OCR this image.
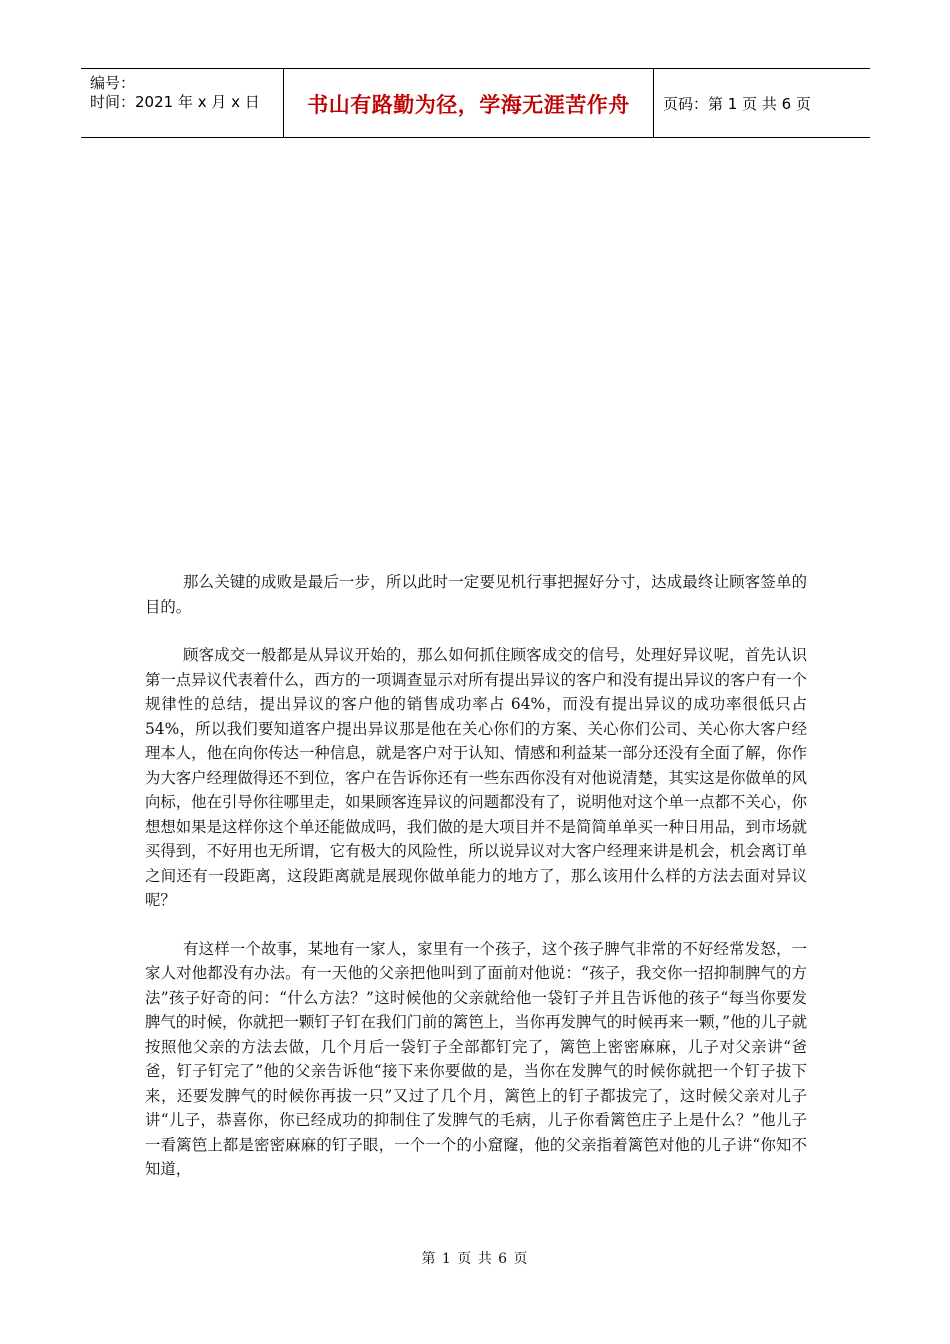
编号：
时间：2021 年 x 月 x 日	书山有路勤为径，学海无涯苦作舟	页码：第 1 页 共 6 页

那么关键的成败是最后一步，所以此时一定要见机行事把握好分寸，达成最终让顾客签单的目的。

顾客成交一般都是从异议开始的，那么如何抓住顾客成交的信号，处理好异议呢，首先认识第一点异议代表着什么，西方的一项调查显示对所有提出异议的客户和没有提出异议的客户有一个规律性的总结，提出异议的客户他的销售成功率占 64%，而没有提出异议的成功率很低只占 54%，所以我们要知道客户提出异议那是他在关心你们的方案、关心你们公司、关心你大客户经理本人，他在向你传达一种信息，就是客户对于认知、情感和利益某一部分还没有全面了解，你作为大客户经理做得还不到位，客户在告诉你还有一些东西你没有对他说清楚，其实这是你做单的风向标，他在引导你往哪里走，如果顾客连异议的问题都没有了，说明他对这个单一点都不关心，你想想如果是这样你这个单还能做成吗，我们做的是大项目并不是简简单单买一种日用品，到市场就买得到，不好用也无所谓，它有极大的风险性，所以说异议对大客户经理来讲是机会，机会离订单之间还有一段距离，这段距离就是展现你做单能力的地方了，那么该用什么样的方法去面对异议呢？

有这样一个故事，某地有一家人，家里有一个孩子，这个孩子脾气非常的不好经常发怒，一家人对他都没有办法。有一天他的父亲把他叫到了面前对他说：“孩子，我交你一招抑制脾气的方法”孩子好奇的问：“什么方法？”这时候他的父亲就给他一袋钉子并且告诉他的孩子“每当你要发脾气的时候，你就把一颗钉子钉在我们门前的篱笆上，当你再发脾气的时候再来一颗，”他的儿子就按照他父亲的方法去做，几个月后一袋钉子全部都钉完了，篱笆上密密麻麻，儿子对父亲讲“爸爸，钉子钉完了”他的父亲告诉他“接下来你要做的是，当你在发脾气的时候你就把一个钉子拔下来，还要发脾气的时候你再拔一只”又过了几个月，篱笆上的钉子都拔完了，这时候父亲对儿子讲“儿子，恭喜你，你已经成功的抑制住了发脾气的毛病，儿子你看篱笆庄子上是什么？”他儿子一看篱笆上都是密密麻麻的钉子眼，一个一个的小窟窿，他的父亲指着篱笆对他的儿子讲“你知不知道，

第 1 页 共 6 页
